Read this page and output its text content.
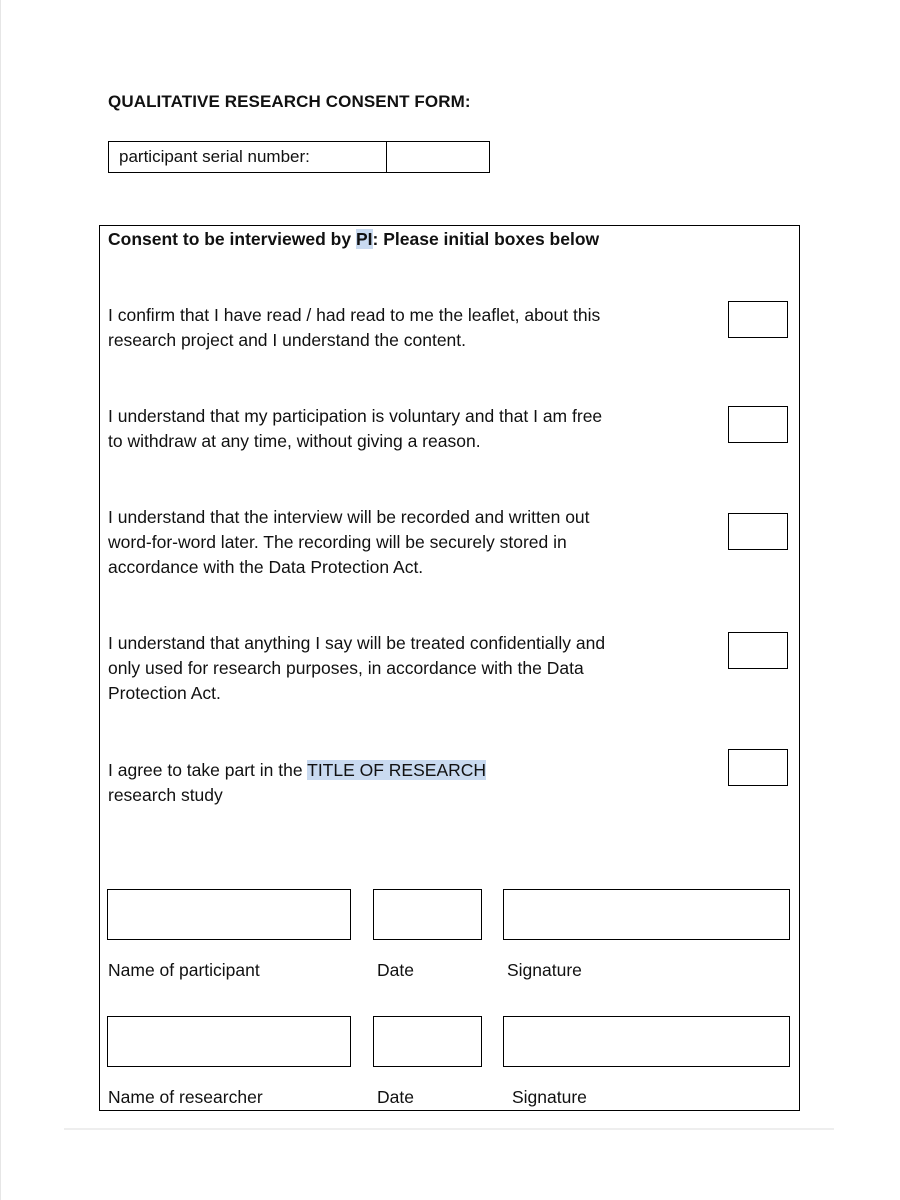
QUALITATIVE RESEARCH CONSENT FORM:
participant serial number:
Consent to be interviewed by PI: Please initial boxes below
I confirm that I have read / had read to me the leaflet, about this
research project and I understand the content.
I understand that my participation is voluntary and that I am free
to withdraw at any time, without giving a reason.
I understand that the interview will be recorded and written out
word-for-word later. The recording will be securely stored in
accordance with the Data Protection Act.
I understand that anything I say will be treated confidentially and
only used for research purposes, in accordance with the Data
Protection Act.
I agree to take part in the TITLE OF RESEARCH
research study
Name of participant	Date	Signature
Name of researcher	Date	Signature
